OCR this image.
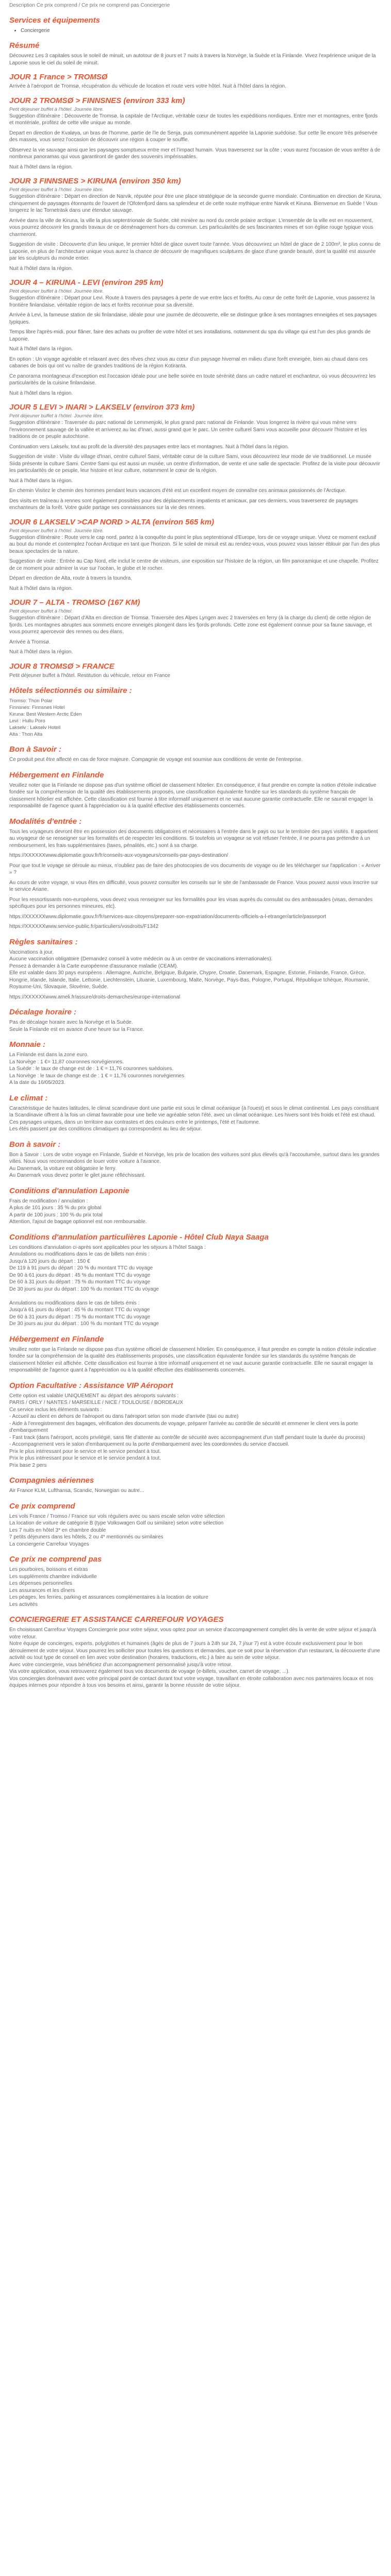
Description Ce prix comprend / Ce prix ne comprend pas Conciergerie

Services et équipements
• Conciergerie
Résumé

Découvrez Les 3 capitales sous le soleil de minuit, un autotour de 8 jours et 7 nuits à travers la Norvège, la Suède et la Finlande. Vivez l'expérience unique de la Laponie sous le ciel du soleil de minuit.

JOUR 1 France > TROMSØ

Arrivée à l'aéroport de Tromsø, récupération du véhicule de location et route vers votre hôtel. Nuit à l'hôtel dans la région.

JOUR 2 TROMSØ > FINNSNES (environ 333 km)

Petit déjeuner buffet à l'hôtel. Journée libre.

Suggestion d'itinéraire : Découverte de Tromsø, la capitale de l'Arctique, véritable cœur de toutes les expéditions nordiques. Entre mer et montagnes, entre fjords et montériale, profitez de cette ville unique au monde.

Depart en direction de Kvaløya, un bras de l'homme, partie de l'le de Senja, puis communément appelée la Laponie suédoise. Sur cette île encore très préservée des masses, vous serez l'occasion de découvrir une région à couper le souffle.

Observez la vie sauvage ainsi que les paysages somptueux entre mer et l'impact humain. Vous traverserez sur la côte ; vous aurez l'occasion de vous arrêter à de nombreux panoramas qui vous garantiront de garder des souvenirs impérissables.

Nuit à l'hôtel dans la région.

JOUR 3 FINNSNES > KIRUNA (environ 350 km)

Petit déjeuner buffet à l'hôtel. Journée libre.

Suggestion d'itinéraire : Départ en direction de Narvik, réputée pour être une place stratégique de la seconde guerre mondiale. Continuation en direction de Kiruna, chinquement de paysages étonnants de l'ouvert de l'Ofotenfjord dans sa splendeur et de cette route mythique entre Narvik et Kiruna. Bienvenue en Suède ! Vous longerez le lac Torneträsk dans une étendue sauvage.

Arrivée dans la ville de Kiruna, la ville la plus septentrionale de Suède, cité minière au nord du cercle polaire arctique. L'ensemble de la ville est en mouvement, vous pourrez découvrir les grands travaux de ce déménagement hors du commun. Les particularités de ses fascinantes mines et son église rouge typique vous charmeront.

Suggestion de visite : Découverte d'un lieu unique, le premier hôtel de glace ouvert toute l'année. Vous découvrirez un hôtel de glace de 2 100m², le plus connu de Laponie, en plus de l'architecture unique vous aurez la chance de découvrir de magnifiques sculptures de glace d'une grande beauté, dont la qualité est assurée par les sculpteurs du monde entier.

Nuit à l'hôtel dans la région.

JOUR 4 – KIRUNA - LEVI (environ 295 km)

Petit déjeuner buffet à l'hôtel. Journée libre.

Suggestion d'itinéraire : Départ pour Levi. Route à travers des paysages à perte de vue entre lacs et forêts. Au cœur de cette forêt de Laponie, vous passerez la frontière finlandaise, véritable région de lacs et forêts reconnue pour sa diversité.

Arrivée à Levi, la fameuse station de ski finlandaise, idéale pour une journée de découverte, elle se distingue grâce à ses montagnes enneigées et ses paysages typiques.

Temps libre l'après-midi, pour flâner, faire des achats ou profiter de votre hôtel et ses installations, notamment du spa du village qui est l'un des plus grands de Laponie.

Nuit à l'hôtel dans la région.

En option : Un voyage agréable et relaxant avec des rêves chez vous au cœur d'un paysage hivernal en milieu d'une forêt enneigée, bien au chaud dans ces cabanes de bois qui ont vu naître de grandes traditions de la région Kotiranta.

Ce panorama montagneux d'exception est l'occasion idéale pour une belle soirée en toute sérénité dans un cadre naturel et enchanteur, où vous découvrirez les particularités de la cuisine finlandaise.

Nuit à l'hôtel dans la région.

JOUR 5 LEVI > INARI > LAKSELV (environ 373 km)

Petit déjeuner buffet à l'hôtel. Journée libre.

Suggestion d'itinéraire : Traversée du parc national de Lemmenjoki, le plus grand parc national de Finlande. Vous longerez la rivière qui vous mène vers l'environnement sauvage de la vallée et arriverez au lac d'Inari, aussi grand que le parc. Un centre culturel Sami vous accueille pour découvrir l'histoire et les traditions de ce peuple autochtone.

Continuation vers Lakselv, tout au profit de la diversité des paysages entre lacs et montagnes. Nuit à l'hôtel dans la région.

Suggestion de visite : Visite du village d'Inari, centre culturel Sami, véritable cœur de la culture Sami, vous découvrirez leur mode de vie traditionnel. Le musée Siida présente la culture Sami. Centre Sami qui est aussi un musée, un centre d'information, de vente et une salle de spectacle. Profitez de la visite pour découvrir les particularités de ce peuple, leur histoire et leur culture, notamment le cœur de la région.

Nuit à l'hôtel dans la région.

En chemin Visitez le chemin des hommes pendant leurs vacances d'été est un excellent moyen de connaître ces animaux passionnés de l'Arctique.

Des visits en traîneau à rennes sont également possibles pour des déplacements impatients et amicaux, par ces derniers, vous traverserez de paysages enchanteurs de la forêt. Votre guide partage ses connaissances sur la vie des rennes.

JOUR 6 LAKSELV >CAP NORD > ALTA (environ 565 km)

Petit déjeuner buffet à l'hôtel. Journée libre.

Suggestion d'itinéraire : Route vers le cap nord, partez à la conquête du point le plus septentrional d'Europe, lors de ce voyage unique. Vivez ce moment exclusif au bout du monde et contemplez l'océan Arctique en tant que l'horizon. Si le soleil de minuit est au rendez-vous, vous pouvez vous laisser éblouir par l'un des plus beaux spectacles de la nature.

Suggestion de visite : Entrée au Cap Nord, elle inclut le centre de visiteurs, une exposition sur l'histoire de la région, un film panoramique et une chapelle. Profitez de ce moment pour admirer la vue sur l'océan, le globe et le rocher.

Départ en direction de Alta, route à travers la toundra.

Nuit à l'hôtel dans la région.

JOUR 7 – ALTA - TROMSO (167 KM)

Petit déjeuner buffet à l'hôtel.

Suggestion d'itinéraire : Départ d'Alta en direction de Tromsø. Traversée des Alpes Lyngen avec 2 traversées en ferry (à la charge du client) de cette région de fjords. Les montagnes abruptes aux sommets encore enneigés plongent dans les fjords profonds. Cette zone est également connue pour sa faune sauvage, et vous pourrez apercevoir des rennes ou des élans.

Arrivée à Tromsø.

Nuit à l'hôtel dans la région.

JOUR 8 TROMSØ > FRANCE

Petit déjeuner buffet à l'hôtel. Restitution du véhicule, retour en France

Hôtels sélectionnés ou similaire :

Tromso: Thon Polar

Finnsnes: Finnsnes Hotel

Kiruna: Best Western Arctic Eden

Levi : Hullu Poro

Lakselv : Lakselv Hotell

Alta : Thon Alta

Bon à Savoir :

Ce produit peut être affecté en cas de force majeure. Compagnie de voyage est soumise aux conditions de vente de l'entreprise.

Hébergement en Finlande

Veuillez noter que la Finlande ne dispose pas d'un système officiel de classement hôtelier. En conséquence, il faut prendre en compte la notion d'étoile indicative fondée sur la compréhension de la qualité des établissements proposés, une classification équivalente fondée sur les standards du système français de classement hôtelier est affichée. Cette classification est fournie à titre informatif uniquement et ne vaut aucune garantie contractuelle. Elle ne saurait engager la responsabilité de l'agence quant à l'appréciation ou à la qualité effective des établissements concernés.

Modalités d'entrée :

Tous les voyageurs devront être en possession des documents obligatoires et nécessaires à l'entrée dans le pays ou sur le territoire des pays visités. Il appartient au voyageur de se renseigner sur les formalités et de respecter les conditions. Si toutefois un voyageur se voit refuser l'entrée, il ne pourra pas prétendre à un remboursement, les frais supplémentaires (taxes, pénalités, etc.) sont à sa charge.

https://XXXXXXwww.diplomatie.gouv.fr/fr/conseils-aux-voyageurs/conseils-par-pays-destination/

Pour que tout le voyage se déroule au mieux, n'oubliez pas de faire des photocopies de vos documents de voyage ou de les télécharger sur l'application : « Arriver » ?

Au cours de votre voyage, si vous êtes en difficulté, vous pouvez consulter les conseils sur le site de l'ambassade de France. Vous pouvez aussi vous inscrire sur le service Ariane.

Pour les ressortissants non-européens, vous devez vous renseigner sur les formalités pour les visas auprès du consulat ou des ambassades (visas, demandes spécifiques pour les personnes mineures, etc).

https://XXXXXXwww.diplomatie.gouv.fr/fr/services-aux-citoyens/preparer-son-expatriation/documents-officiels-a-l-etranger/article/passeport

https://XXXXXXwww.service-public.fr/particuliers/vosdroits/F1342

Règles sanitaires :

Vaccinations à jour.
Aucune vaccination obligatoire (Demandez conseil à votre médecin ou à un centre de vaccinations internationales).
Pensez à demander à la Carte européenne d'assurance maladie (CEAM).
Elle est valable dans 30 pays européens : Allemagne, Autriche, Belgique, Bulgarie, Chypre, Croatie, Danemark, Espagne, Estonie, Finlande, France, Grèce, Hongrie, Irlande, Islande, Italie, Lettonie, Liechtenstein, Lituanie, Luxembourg, Malte, Norvège, Pays-Bas, Pologne, Portugal, République tchèque, Roumanie, Royaume-Uni, Slovaquie, Slovénie, Suède.

https://XXXXXXwww.ameli.fr/assure/droits-demarches/europe-international

Décalage horaire :

Pas de décalage horaire avec la Norvège et la Suède.
Seule la Finlande est en avance d'une heure sur la France.

Monnaie :

La Finlande est dans la zone euro.
La Norvège : 1 €= 11,87 couronnes norvégiennes.
La Suède : le taux de change est de : 1 € = 11,76 couronnes suédoises.
La Norvège : le taux de change est de : 1 € = 11,76 couronnes norvégiennes
A la date du 16/05/2023.

Le climat :

Caractéristique de hautes latitudes, le climat scandinave dont une partie est sous le climat océanique (à l'ouest) et sous le climat continental. Les pays constituant la Scandinavie offrent à la fois un climat favorable pour une belle vie agréable selon l'été, avec un climat océanique. Les hivers sont très froids et l'été est chaud.
Ces paysages uniques, dans un territoire aux contrastes et des couleurs entre le printemps, l'été et l'automne.
Les étés passent par des conditions climatiques qui correspondent au lieu de séjour.

Bon à savoir :

Bon à Savoir : Lors de votre voyage en Finlande, Suède et Norvège, les prix de location des voitures sont plus élevés qu'à l'accoutumée, surtout dans les grandes villes. Nous vous recommandons de louer votre voiture à l'avance.
Au Danemark, la voiture est obligatoire le ferry.
Au Danemark vous devez porter le gilet jaune réfléchissant.

Conditions d'annulation Laponie

Frais de modification / annulation :
A plus de 101 jours : 35 % du prix global
A partir de 100 jours : 100 % du prix total
Attention, l'ajout de bagage optionnel est non remboursable.

Conditions d'annulation particulières Laponie - Hôtel Club Naya Saaga

Les conditions d'annulation ci-après sont applicables pour les séjours à l'hôtel Saaga :
Annulations ou modifications dans le cas de billets non émis :
Jusqu'à 120 jours du départ : 150 €
De 119 à 91 jours du départ : 20 % du montant TTC du voyage
De 90 à 61 jours du départ : 45 % du montant TTC du voyage
De 60 à 31 jours du départ : 75 % du montant TTC du voyage
De 30 jours au jour du départ : 100 % du montant TTC du voyage

Annulations ou modifications dans le cas de billets émis :
Jusqu'à 61 jours du départ : 45 % du montant TTC du voyage
De 60 à 31 jours du départ : 75 % du montant TTC du voyage
De 30 jours au jour du départ : 100 % du montant TTC du voyage

Hébergement en Finlande

Veuillez noter que la Finlande ne dispose pas d'un système officiel de classement hôtelier. En conséquence, il faut prendre en compte la notion d'étoile indicative fondée sur la compréhension de la qualité des établissements proposés, une classification équivalente fondée sur les standards du système français de classement hôtelier est affichée. Cette classification est fournie à titre informatif uniquement et ne vaut aucune garantie contractuelle. Elle ne saurait engager la responsabilité de l'agence quant à l'appréciation ou à la qualité effective des établissements concernés.

Option Facultative : Assistance VIP Aéroport

Cette option est valable UNIQUEMENT au départ des aéroports suivants :
PARIS / ORLY / NANTES / MARSEILLE / NICE / TOULOUSE / BORDEAUX
Ce service inclus les éléments suivants :
- Accueil au client en dehors de l'aéroport ou dans l'aéroport selon son mode d'arrivée (taxi ou autre)
- Aide à l'enregistrement des bagages, vérification des documents de voyage, préparer l'arrivée au contrôle de sécurité et emmener le client vers la porte d'embarquement
- Fast track (dans l'aéroport, accès privilégié, sans file d'attente au contrôle de sécurité avec accompagnement d'un staff pendant toute la durée du process)
- Accompagnement vers le salon d'embarquement ou la porte d'embarquement avec les coordonnées du service d'accueil.
Prix le plus intéressant pour le service et le service pendant à tout.
Prix le plus intéressant pour le service et le service pendant à tout.
Prix base 2 pers

Compagnies aériennes

Air France KLM, Lufthansa, Scandic, Norwegian ou autre...

Ce prix comprend

Les vols France / Tromso / France sur vols réguliers avec ou sans escale selon votre sélection
La location de voiture de catégorie B (type Volkswagen Golf ou similaire) selon votre sélection
Les 7 nuits en hôtel 3* en chambre double
7 petits déjeuners dans les hôtels, 2 ou 4* mentionnés ou similaires
La conciergerie Carrefour Voyages

Ce prix ne comprend pas

Les pourboires, boissons et extras
Les suppléments chambre individuelle
Les dépenses personnelles
Les assurances et les dîners
Les péages, les ferries, parking et assurances complémentaires à la location de voiture
Les activités

CONCIERGERIE ET ASSISTANCE CARREFOUR VOYAGES

En choisissant Carrefour Voyages Conciergerie pour votre séjour, vous optez pour un service d'accompagnement complet dès la vente de votre séjour et jusqu'à votre retour.
Notre équipe de concierges, experts, polyglottes et humaines (âgés de plus de 7 jours à 24h sur 24, 7 j/sur 7) est à votre écoute exclusivement pour le bon déroulement de votre séjour. Vous pourrez les solliciter pour toutes les questions et demandes, que ce soit pour la réservation d'un restaurant, la découverte d'une activité ou tout type de conseil en lien avec votre destination (horaires, traductions, etc.) à faire au sein de votre séjour.
Avec votre conciergerie, vous bénéficiez d'un accompagnement personnalisé jusqu'à votre retour.
Via votre application, vous retrouverez également tous vos documents de voyage (e-billets, voucher, carnet de voyage, ...).
Vos conciergies dorénavant avec votre principal point de contact durant tout votre voyage, travaillant en étroite collaboration avec nos partenaires locaux et nos équipes internes pour répondre à tous vos besoins et ainsi, garantir la bonne réussite de votre séjour.
